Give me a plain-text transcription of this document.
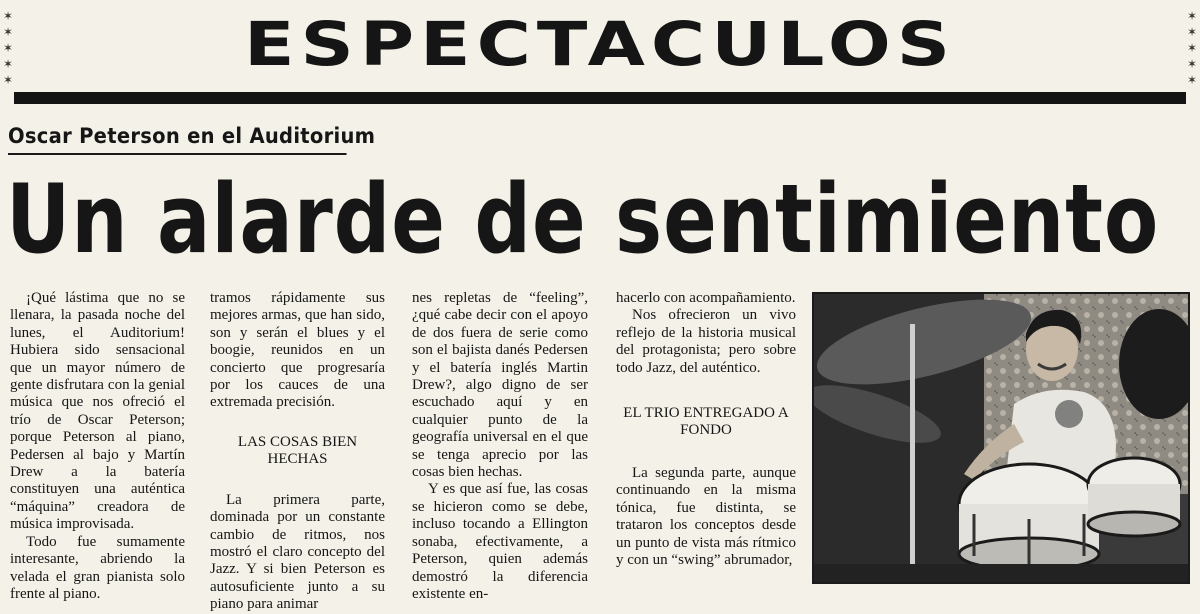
✶
✶
✶
✶
✶
✶
✶
✶
✶
✶
ESPECTACULOS
Oscar Peterson en el Auditorium
Un alarde de sentimiento

¡Qué lástima que no se llenara, la pasada noche del lunes, el Auditorium! Hubiera sido sensacional que un mayor número de gente disfrutara con la genial música que nos ofreció el trío de Oscar Peterson; porque Peterson al piano, Pedersen al bajo y Martín Drew a la batería constituyen una auténtica “máquina” creadora de música improvisada.

Todo fue sumamente interesante, abriendo la velada el gran pianista solo frente al piano.

tramos rápidamente sus mejores armas, que han sido, son y serán el blues y el boogie, reunidos en un concierto que progresaría por los cauces de una extremada precisión.

LAS COSAS BIEN HECHAS

La primera parte, dominada por un constante cambio de ritmos, nos mostró el claro concepto del Jazz. Y si bien Peterson es autosuficiente junto a su piano para animar

nes repletas de “feeling”, ¿qué cabe decir con el apoyo de dos fuera de serie como son el bajista danés Pedersen y el batería inglés Martin Drew?, algo digno de ser escuchado aquí y en cualquier punto de la geografía universal en el que se tenga aprecio por las cosas bien hechas.

Y es que así fue, las cosas se hicieron como se debe, incluso tocando a Ellington sonaba, efectivamente, a Peterson, quien además demostró la diferencia existente en-

hacerlo con acompañamiento.

Nos ofrecieron un vivo reflejo de la historia musical del protagonista; pero sobre todo Jazz, del auténtico.

EL TRIO ENTREGADO A FONDO

La segunda parte, aunque continuando en la misma tónica, fue distinta, se trataron los conceptos desde un punto de vista más rítmico y con un “swing” abrumador,
